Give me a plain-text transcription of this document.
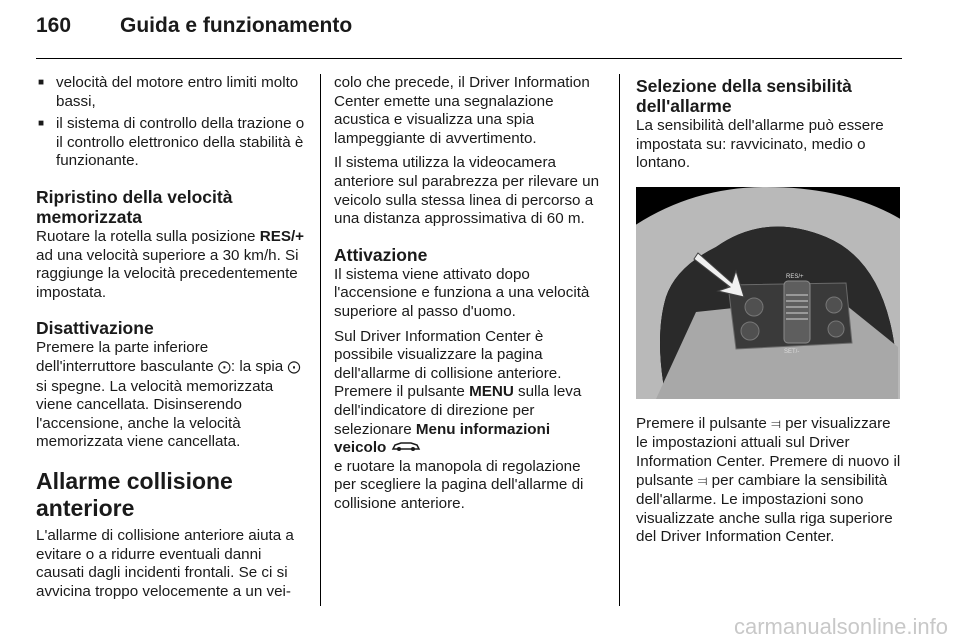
160 Guida e funzionamento
■ velocità del motore entro limiti molto bassi,
■ il sistema di controllo della trazione o il controllo elettronico della stabilità è funzionante.
Ripristino della velocità memorizzata

Ruotare la rotella sulla posizione RES/+ ad una velocità superiore a 30 km/h. Si raggiunge la velocità precedentemente impostata.

Disattivazione

Premere la parte inferiore dell'interruttore basculante ⨀: la spia ⨀ si spegne. La velocità memorizzata viene cancellata. Disinserendo l'accensione, anche la velocità memorizzata viene cancellata.

Allarme collisione anteriore

L'allarme di collisione anteriore aiuta a evitare o a ridurre eventuali danni causati dagli incidenti frontali. Se ci si avvicina troppo velocemente a un vei-

colo che precede, il Driver Information Center emette una segnalazione acustica e visualizza una spia lampeggiante di avvertimento.

Il sistema utilizza la videocamera anteriore sul parabrezza per rilevare un veicolo sulla stessa linea di percorso a una distanza approssimativa di 60 m.

Attivazione

Il sistema viene attivato dopo l'accensione e funziona a una velocità superiore al passo d'uomo.

Sul Driver Information Center è possibile visualizzare la pagina dell'allarme di collisione anteriore. Premere il pulsante MENU sulla leva dell'indicatore di direzione per selezionare Menu informazioni veicolo
e ruotare la manopola di regolazione per scegliere la pagina dell'allarme di collisione anteriore.

Selezione della sensibilità dell'allarme

La sensibilità dell'allarme può essere impostata su: ravvicinato, medio o lontano.

RES/+
SET/-

Premere il pulsante ⫤ per visualizzare le impostazioni attuali sul Driver Information Center. Premere di nuovo il pulsante ⫤ per cambiare la sensibilità dell'allarme. Le impostazioni sono visualizzate anche sulla riga superiore del Driver Information Center.

carmanualsonline.info
